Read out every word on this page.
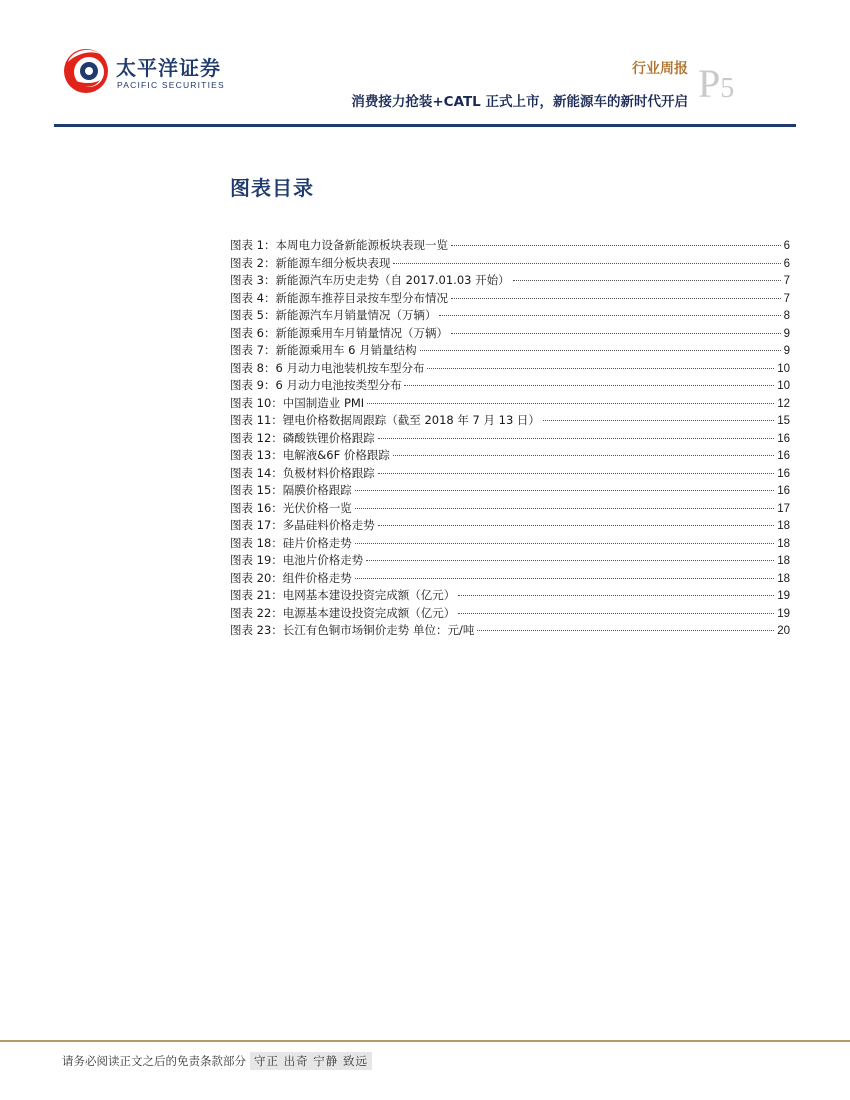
太平洋证券
PACIFIC SECURITIES
行业周报
消费接力抢装+CATL 正式上市，新能源车的新时代开启 P5
图表目录
图表 1：本周电力设备新能源板块表现一览	6
图表 2：新能源车细分板块表现	6
图表 3：新能源汽车历史走势（自 2017.01.03 开始）	7
图表 4：新能源车推荐目录按车型分布情况	7
图表 5：新能源汽车月销量情况（万辆）	8
图表 6：新能源乘用车月销量情况（万辆）	9
图表 7：新能源乘用车 6 月销量结构	9
图表 8：6 月动力电池装机按车型分布	10
图表 9：6 月动力电池按类型分布	10
图表 10：中国制造业 PMI	12
图表 11：锂电价格数据周跟踪（截至 2018 年 7 月 13 日）	15
图表 12：磷酸铁锂价格跟踪	16
图表 13：电解液&6F 价格跟踪	16
图表 14：负极材料价格跟踪	16
图表 15：隔膜价格跟踪	16
图表 16：光伏价格一览	17
图表 17：多晶硅料价格走势	18
图表 18：硅片价格走势	18
图表 19：电池片价格走势	18
图表 20：组件价格走势	18
图表 21：电网基本建设投资完成额（亿元）	19
图表 22：电源基本建设投资完成额（亿元）	19
图表 23：长江有色铜市场铜价走势 单位：元/吨	20
请务必阅读正文之后的免责条款部分 守正 出奇 宁静 致远
